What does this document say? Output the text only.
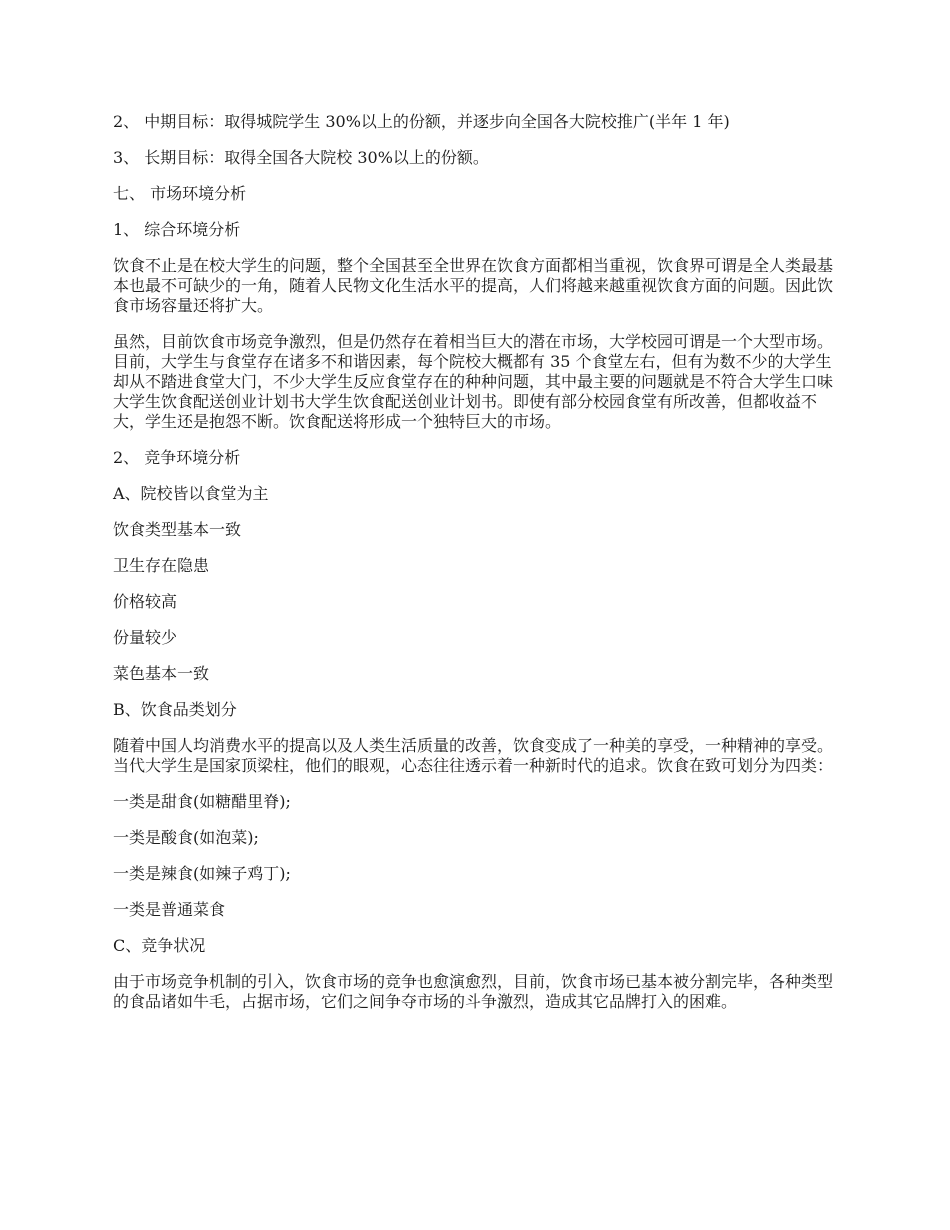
2、 中期目标：取得城院学生 30%以上的份额，并逐步向全国各大院校推广(半年 1 年)

3、 长期目标：取得全国各大院校 30%以上的份额。

七、 市场环境分析

1、 综合环境分析

饮食不止是在校大学生的问题，整个全国甚至全世界在饮食方面都相当重视，饮食界可谓是全人类最基本也最不可缺少的一角，随着人民物文化生活水平的提高，人们将越来越重视饮食方面的问题。因此饮食市场容量还将扩大。

虽然，目前饮食市场竞争激烈，但是仍然存在着相当巨大的潜在市场，大学校园可谓是一个大型市场。目前，大学生与食堂存在诸多不和谐因素，每个院校大概都有 35 个食堂左右，但有为数不少的大学生却从不踏进食堂大门，不少大学生反应食堂存在的种种问题，其中最主要的问题就是不符合大学生口味大学生饮食配送创业计划书大学生饮食配送创业计划书。即使有部分校园食堂有所改善，但都收益不大，学生还是抱怨不断。饮食配送将形成一个独特巨大的市场。

2、 竞争环境分析

A、院校皆以食堂为主

饮食类型基本一致

卫生存在隐患

价格较高

份量较少

菜色基本一致

B、饮食品类划分

随着中国人均消费水平的提高以及人类生活质量的改善，饮食变成了一种美的享受，一种精神的享受。当代大学生是国家顶梁柱，他们的眼观，心态往往透示着一种新时代的追求。饮食在致可划分为四类：

一类是甜食(如糖醋里脊);

一类是酸食(如泡菜);

一类是辣食(如辣子鸡丁);

一类是普通菜食

C、竞争状况

由于市场竞争机制的引入，饮食市场的竞争也愈演愈烈，目前，饮食市场已基本被分割完毕，各种类型的食品诸如牛毛，占据市场，它们之间争夺市场的斗争激烈，造成其它品牌打入的困难。
